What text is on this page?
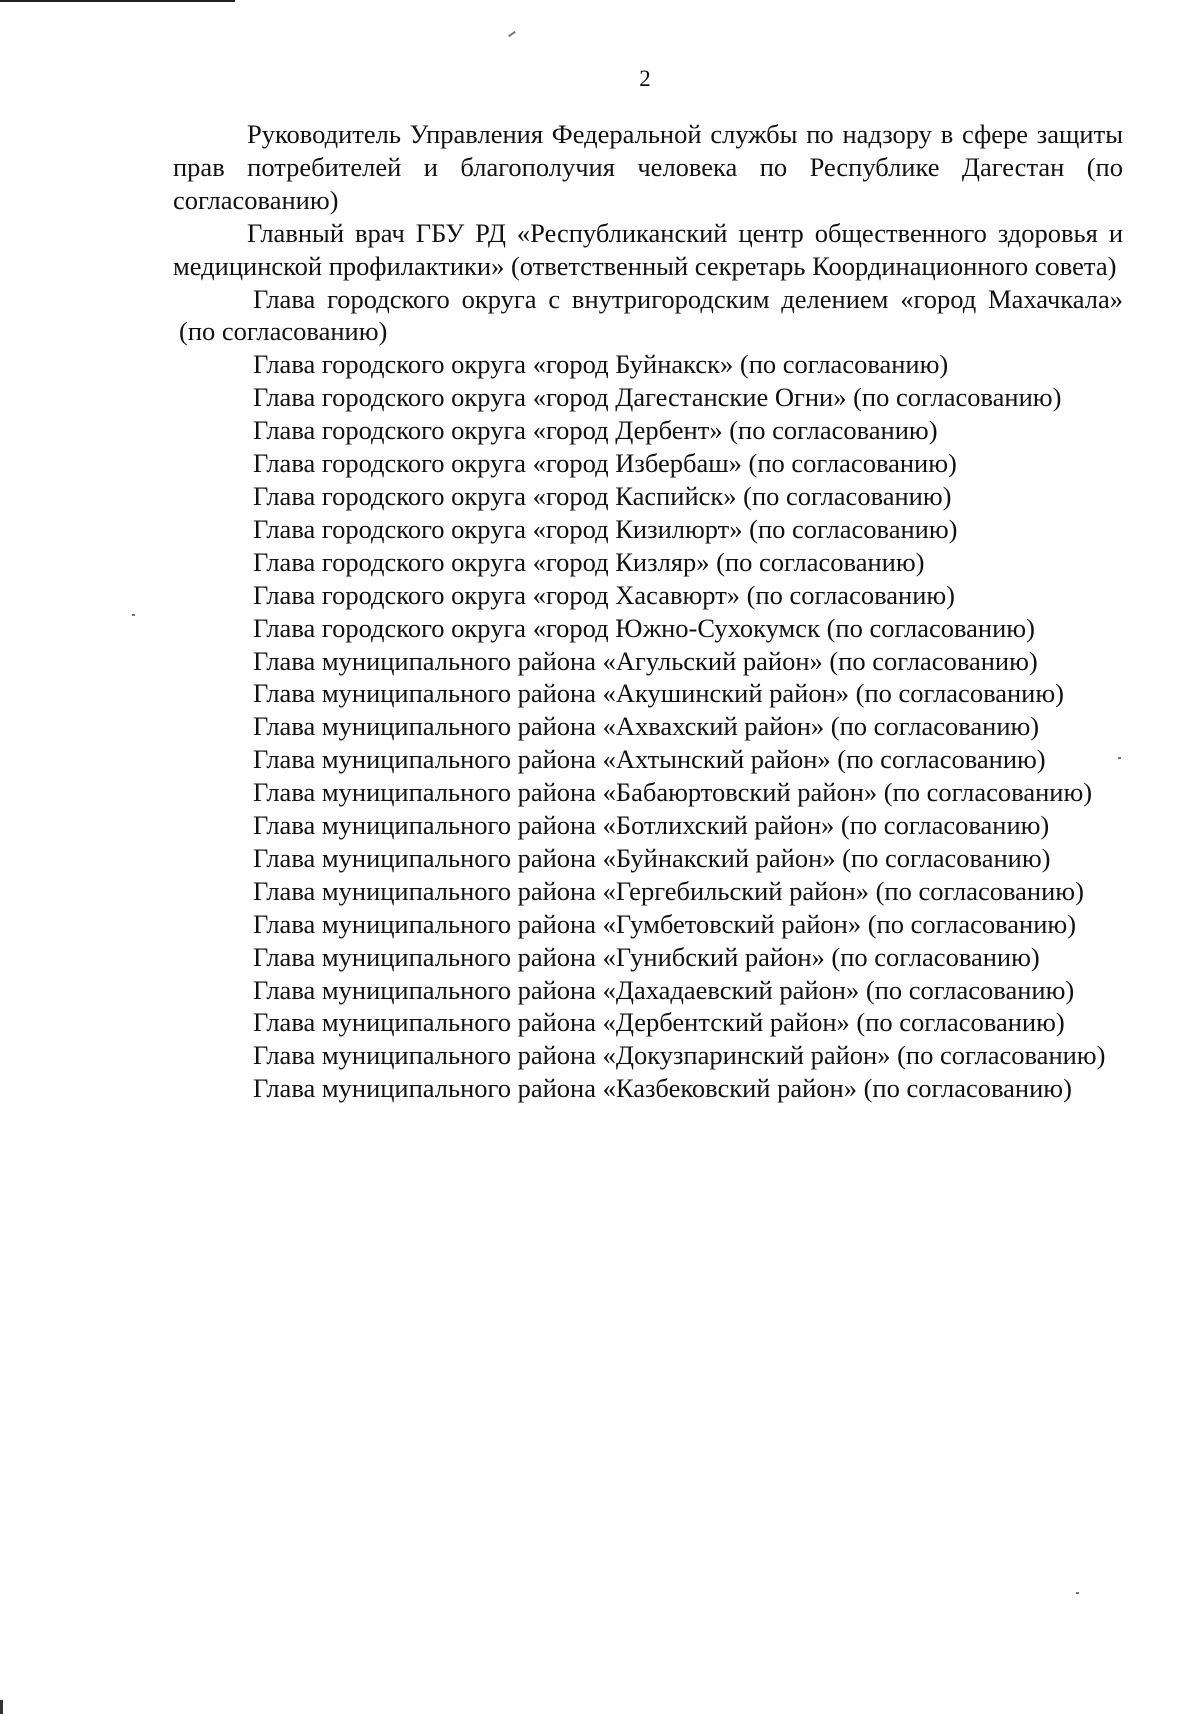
2

Руководитель Управления Федеральной службы по надзору в сфере защиты прав потребителей и благополучия человека по Республике Дагестан (по согласованию)

Главный врач ГБУ РД «Республиканский центр общественного здоровья и медицинской профилактики» (ответственный секретарь Координационного совета)

Глава городского округа с внутригородским делением «город Махачкала» (по согласованию)

Глава городского округа «город Буйнакск» (по согласованию)

Глава городского округа «город Дагестанские Огни» (по согласованию)

Глава городского округа «город Дербент» (по согласованию)

Глава городского округа «город Избербаш» (по согласованию)

Глава городского округа «город Каспийск» (по согласованию)

Глава городского округа «город Кизилюрт» (по согласованию)

Глава городского округа «город Кизляр» (по согласованию)

Глава городского округа «город Хасавюрт» (по согласованию)

Глава городского округа «город Южно-Сухокумск (по согласованию)

Глава муниципального района «Агульский район» (по согласованию)

Глава муниципального района «Акушинский район» (по согласованию)

Глава муниципального района «Ахвахский район» (по согласованию)

Глава муниципального района «Ахтынский район» (по согласованию)

Глава муниципального района «Бабаюртовский район» (по согласованию)

Глава муниципального района «Ботлихский район» (по согласованию)

Глава муниципального района «Буйнакский район» (по согласованию)

Глава муниципального района «Гергебильский район» (по согласованию)

Глава муниципального района «Гумбетовский район» (по согласованию)

Глава муниципального района «Гунибский район» (по согласованию)

Глава муниципального района «Дахадаевский район» (по согласованию)

Глава муниципального района «Дербентский район» (по согласованию)

Глава муниципального района «Докузпаринский район» (по согласованию)

Глава муниципального района «Казбековский район» (по согласованию)
